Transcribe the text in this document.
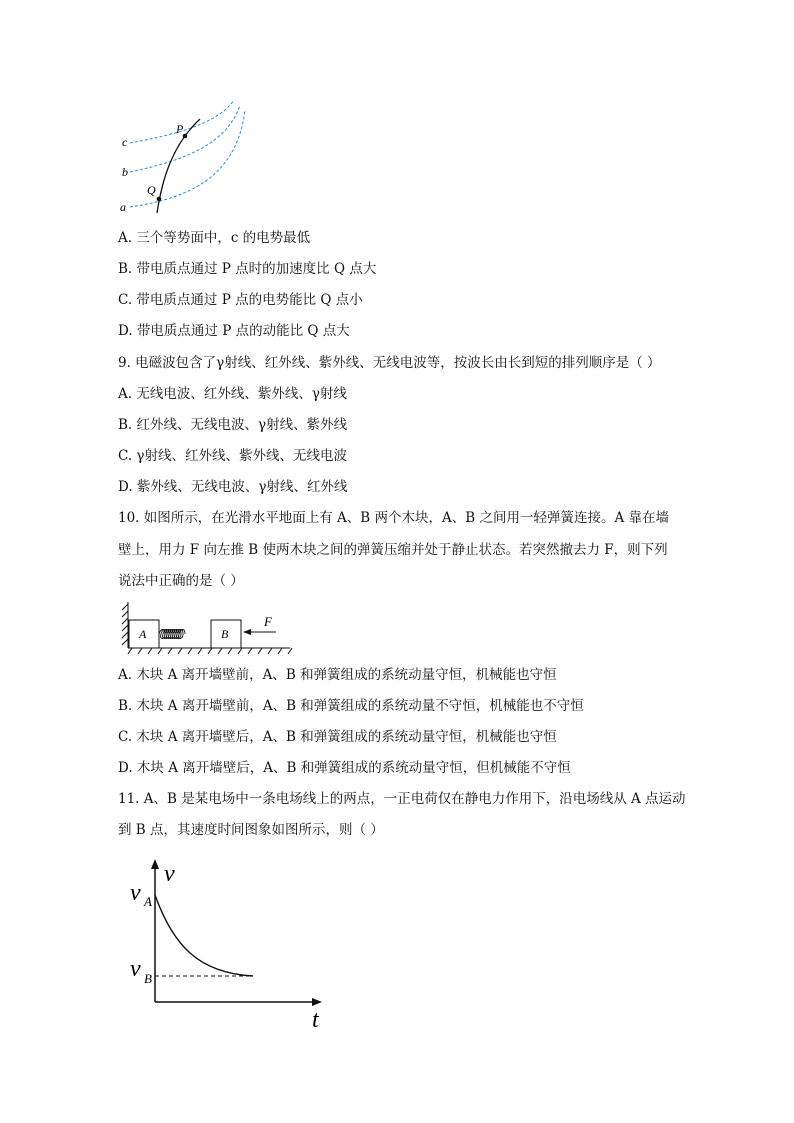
c
b
a
P
Q
A. 三个等势面中，c 的电势最低
B. 带电质点通过 P 点时的加速度比 Q 点大
C. 带电质点通过 P 点的电势能比 Q 点小
D. 带电质点通过 P 点的动能比 Q 点大
9. 电磁波包含了γ射线、红外线、紫外线、无线电波等，按波长由长到短的排列顺序是（ ）
A. 无线电波、红外线、紫外线、γ射线
B. 红外线、无线电波、γ射线、紫外线
C. γ射线、红外线、紫外线、无线电波
D. 紫外线、无线电波、γ射线、红外线
10. 如图所示，在光滑水平地面上有 A、B 两个木块，A、B 之间用一轻弹簧连接。A 靠在墙
壁上，用力 F 向左推 B 使两木块之间的弹簧压缩并处于静止状态。若突然撤去力 F，则下列
说法中正确的是（ ）
A	B
F
A. 木块 A 离开墙壁前，A、B 和弹簧组成的系统动量守恒，机械能也守恒
B. 木块 A 离开墙壁前，A、B 和弹簧组成的系统动量不守恒，机械能也不守恒
C. 木块 A 离开墙壁后，A、B 和弹簧组成的系统动量守恒，机械能也守恒
D. 木块 A 离开墙壁后，A、B 和弹簧组成的系统动量守恒，但机械能不守恒
11. A、B 是某电场中一条电场线上的两点，一正电荷仅在静电力作用下，沿电场线从 A 点运动
到 B 点，其速度时间图象如图所示，则（ ）
v
v A
v B
t
